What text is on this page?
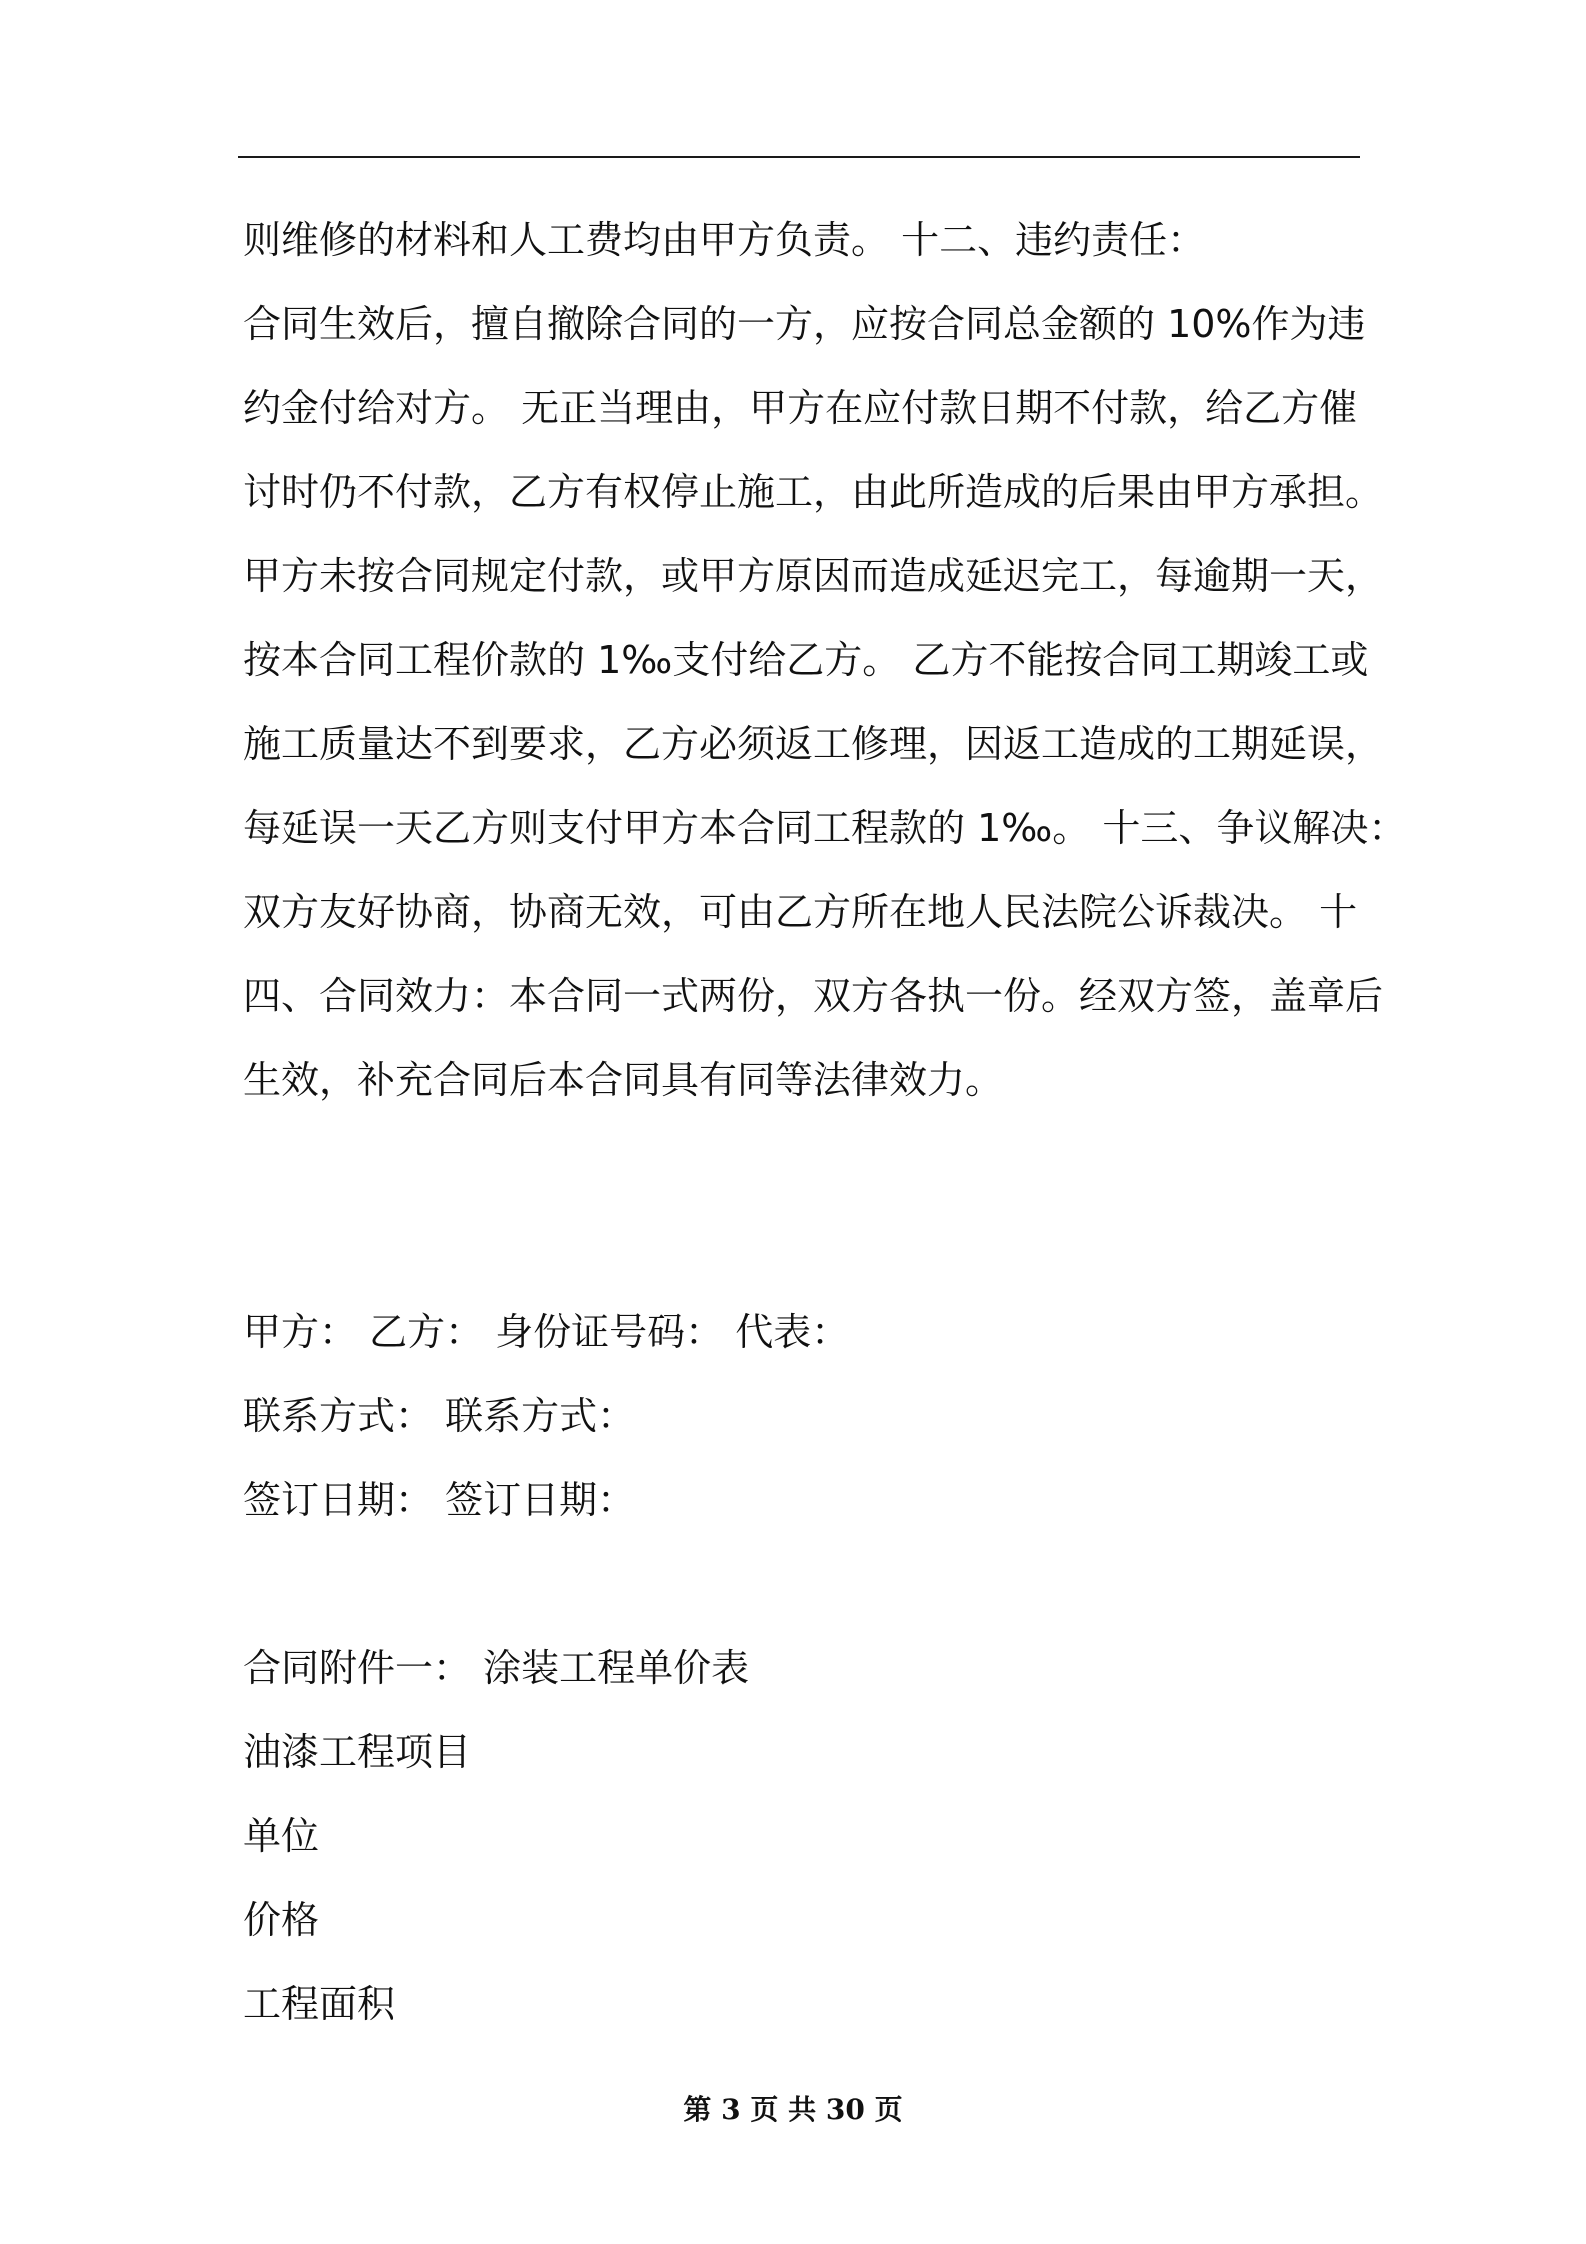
则维修的材料和人工费均由甲方负责。 十二、违约责任：
合同生效后，擅自撤除合同的一方，应按合同总金额的 10%作为违
约金付给对方。 无正当理由，甲方在应付款日期不付款，给乙方催
讨时仍不付款，乙方有权停止施工，由此所造成的后果由甲方承担。
甲方未按合同规定付款，或甲方原因而造成延迟完工，每逾期一天，
按本合同工程价款的 1‰支付给乙方。 乙方不能按合同工期竣工或
施工质量达不到要求，乙方必须返工修理，因返工造成的工期延误，
每延误一天乙方则支付甲方本合同工程款的 1‰。 十三、争议解决：
双方友好协商，协商无效，可由乙方所在地人民法院公诉裁决。 十
四、合同效力：本合同一式两份，双方各执一份。经双方签，盖章后
生效，补充合同后本合同具有同等法律效力。
甲方： 乙方： 身份证号码： 代表：
联系方式： 联系方式：
签订日期： 签订日期：
合同附件一： 涂装工程单价表
油漆工程项目
单位
价格
工程面积
第 3 页 共 30 页
